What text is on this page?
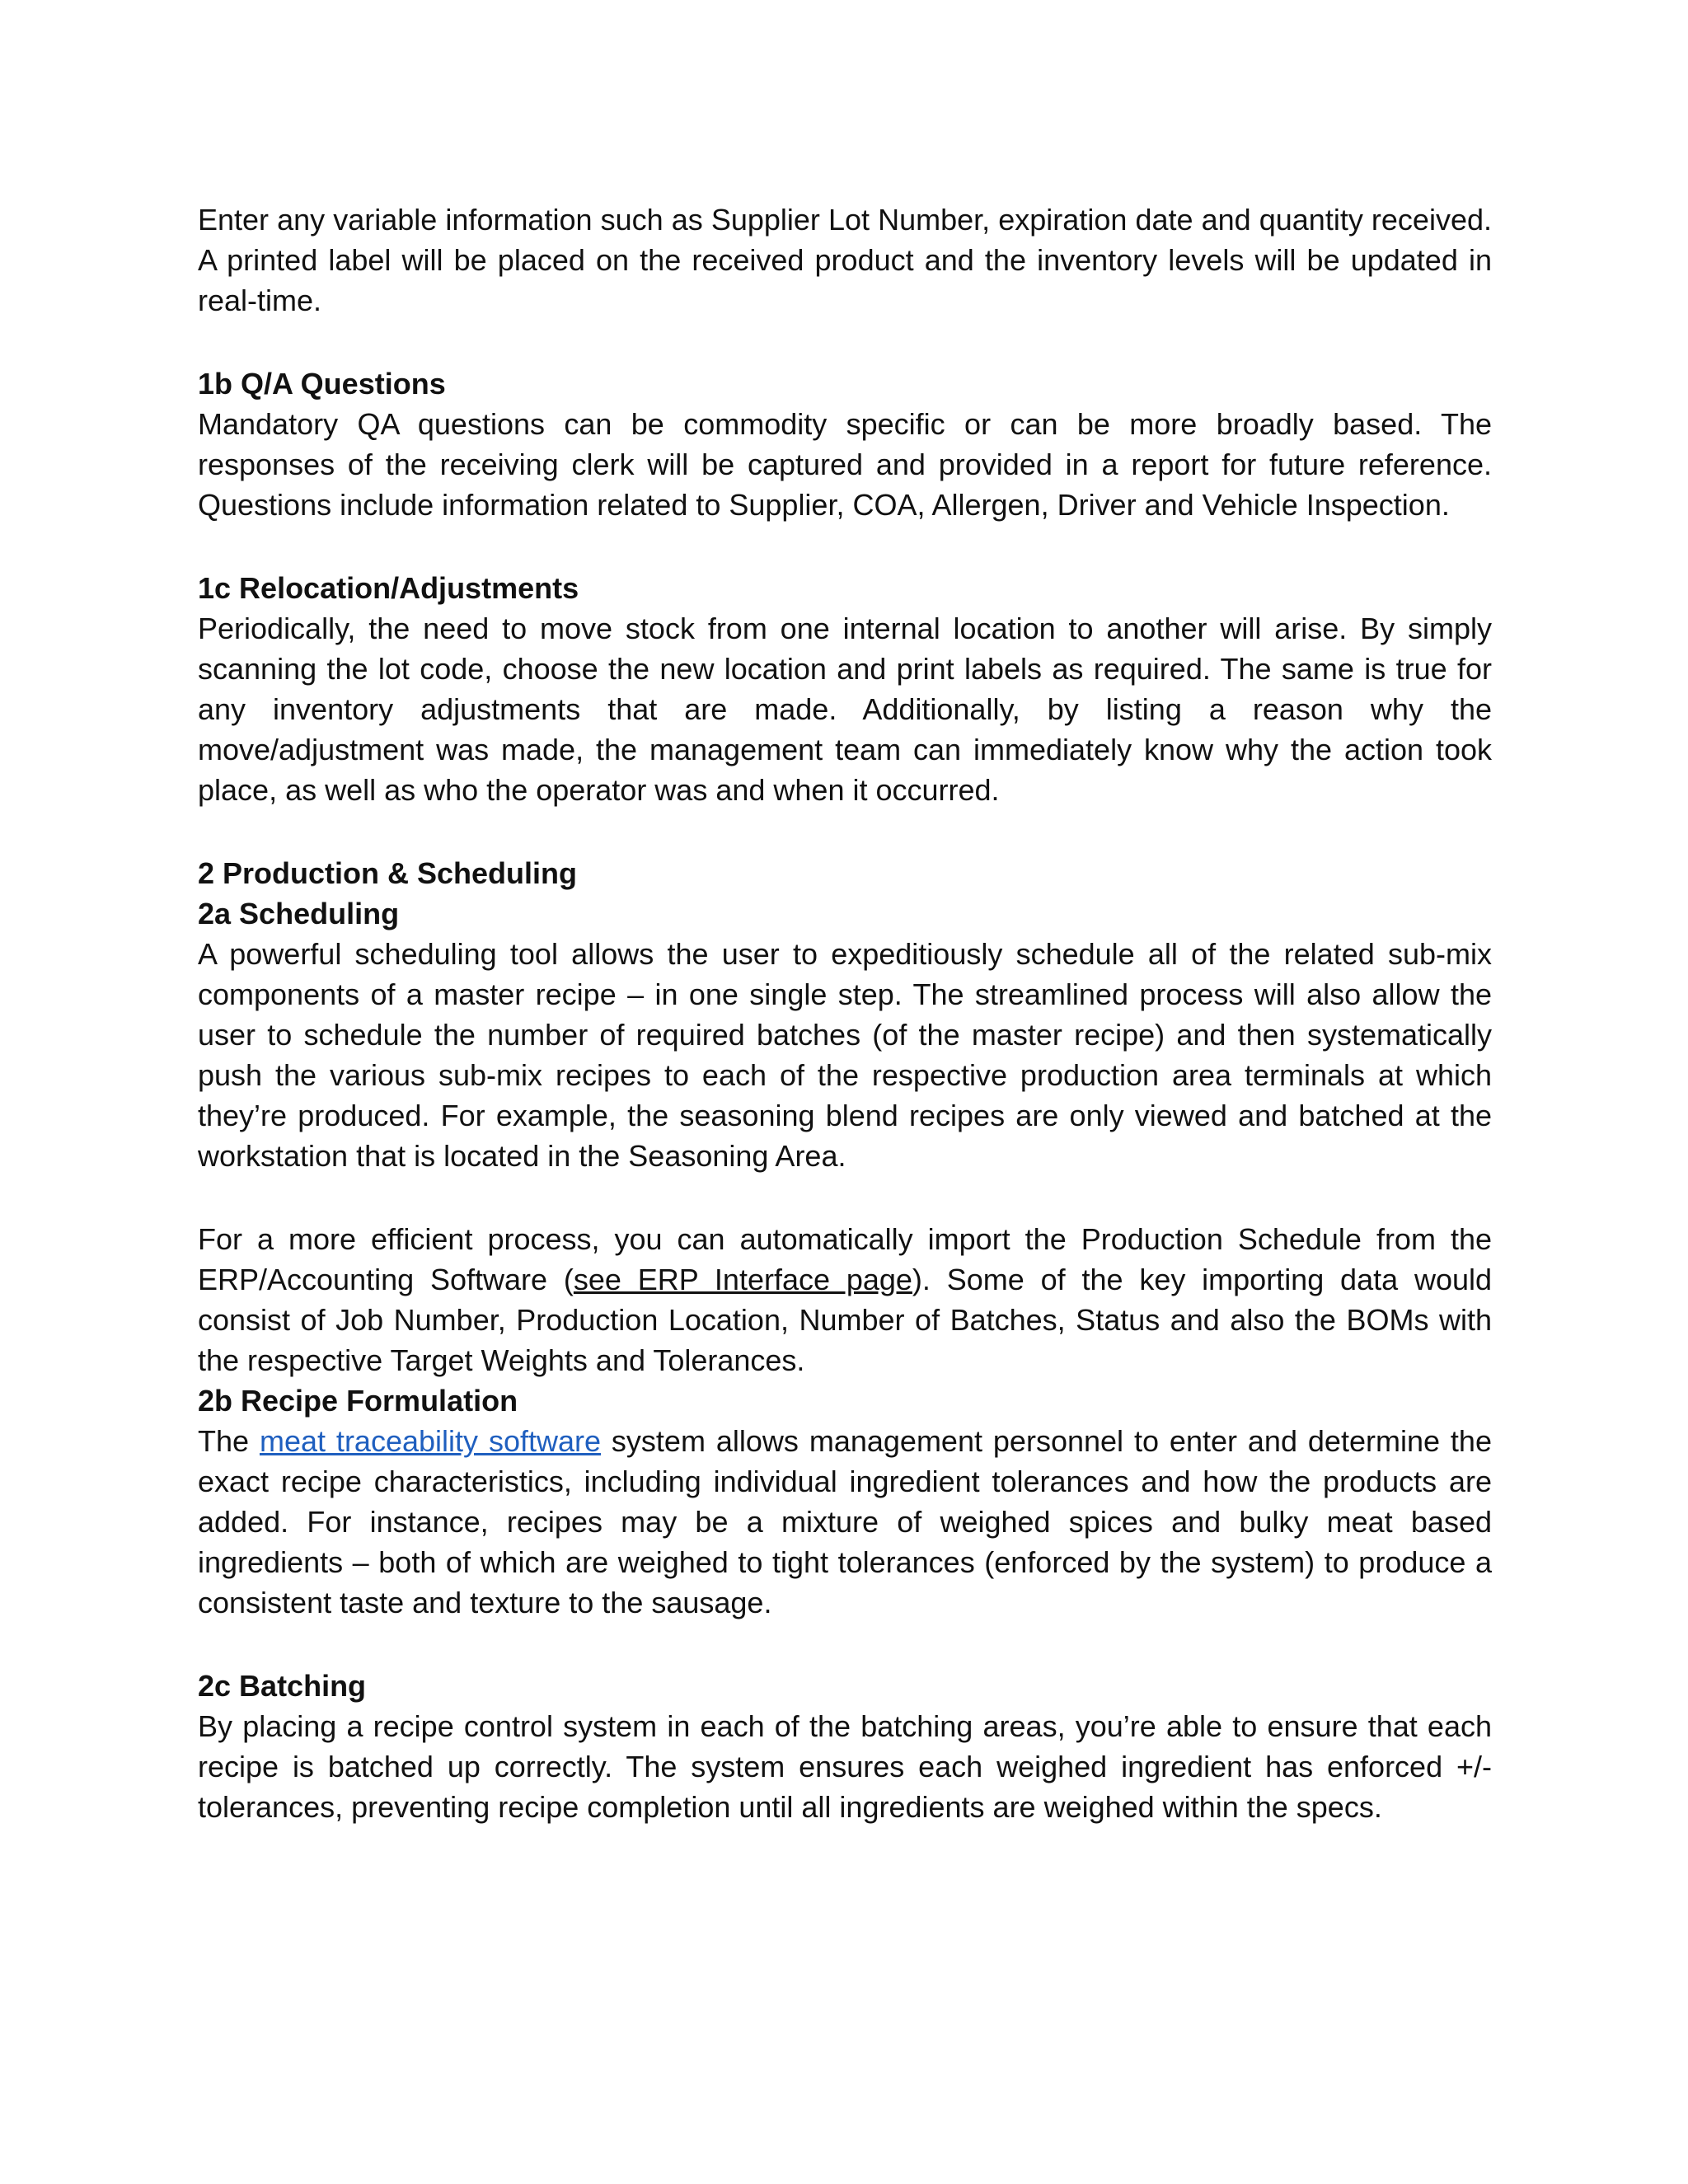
Enter any variable information such as Supplier Lot Number, expiration date and quantity received. A printed label will be placed on the received product and the inventory levels will be updated in real-time.

1b Q/A Questions

Mandatory QA questions can be commodity specific or can be more broadly based. The responses of the receiving clerk will be captured and provided in a report for future reference. Questions include information related to Supplier, COA, Allergen, Driver and Vehicle Inspection.

1c Relocation/Adjustments

Periodically, the need to move stock from one internal location to another will arise. By simply scanning the lot code, choose the new location and print labels as required. The same is true for any inventory adjustments that are made. Additionally, by listing a reason why the move/adjustment was made, the management team can immediately know why the action took place, as well as who the operator was and when it occurred.

2 Production & Scheduling

2a Scheduling

A powerful scheduling tool allows the user to expeditiously schedule all of the related sub-mix components of a master recipe – in one single step. The streamlined process will also allow the user to schedule the number of required batches (of the master recipe) and then systematically push the various sub-mix recipes to each of the respective production area terminals at which they’re produced. For example, the seasoning blend recipes are only viewed and batched at the workstation that is located in the Seasoning Area.

For a more efficient process, you can automatically import the Production Schedule from the ERP/Accounting Software (see ERP Interface page). Some of the key importing data would consist of Job Number, Production Location, Number of Batches, Status and also the BOMs with the respective Target Weights and Tolerances.

2b Recipe Formulation

The meat traceability software system allows management personnel to enter and determine the exact recipe characteristics, including individual ingredient tolerances and how the products are added. For instance, recipes may be a mixture of weighed spices and bulky meat based ingredients – both of which are weighed to tight tolerances (enforced by the system) to produce a consistent taste and texture to the sausage.

2c Batching

By placing a recipe control system in each of the batching areas, you’re able to ensure that each recipe is batched up correctly. The system ensures each weighed ingredient has enforced +/- tolerances, preventing recipe completion until all ingredients are weighed within the specs.
